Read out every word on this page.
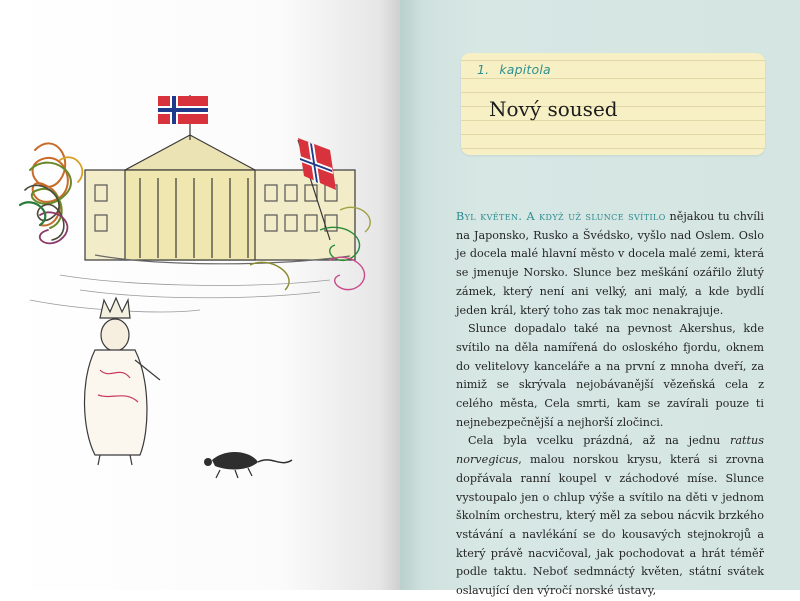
1. kapitola
Nový soused

Byl květen. A když už slunce svítilo nějakou tu chvíli na Japonsko, Rusko a Švédsko, vyšlo nad Oslem. Oslo je docela malé hlavní město v docela malé zemi, která se jmenuje Norsko. Slunce bez meškání ozářilo žlutý zámek, který není ani velký, ani malý, a kde bydlí jeden král, který toho zas tak moc nenakrajuje.

Slunce dopadalo také na pevnost Akershus, kde svítilo na děla namířená do osloského fjordu, oknem do velitelovy kanceláře a na první z mnoha dveří, za nimiž se skrývala nejobávanější vězeňská cela z celého města, Cela smrti, kam se zavírali pouze ti nejnebezpečnější a nejhorší zločinci.

Cela byla vcelku prázdná, až na jednu rattus norvegicus, malou norskou krysu, která si zrovna dopřávala ranní koupel v záchodové míse. Slunce vystoupalo jen o chlup výše a svítilo na děti v jednom školním orchestru, který měl za sebou nácvik brzkého vstávání a navlékání se do kousavých stejnokrojů a který právě nacvičoval, jak pochodovat a hrát téměř podle taktu. Neboť sedmnáctý květen, státní svátek oslavující den výročí norské ústavy,
